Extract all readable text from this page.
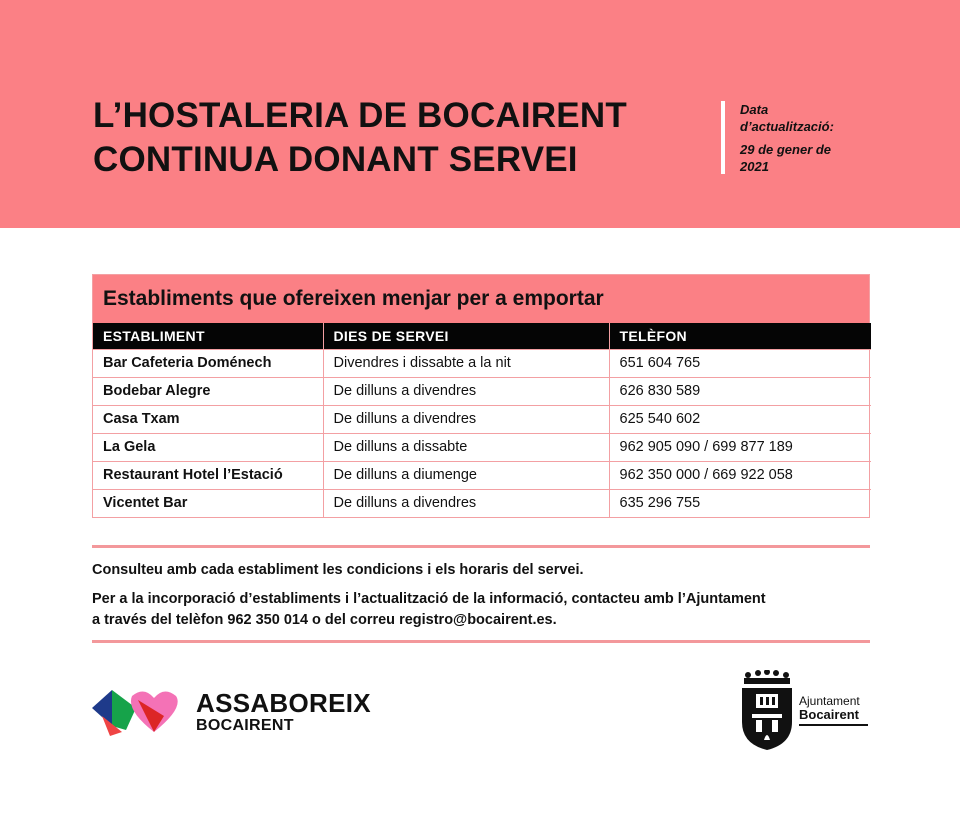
L’HOSTALERIA DE BOCAIRENT
CONTINUA DONANT SERVEI
Data
d’actualització:
29 de gener de
2021
Establiments que ofereixen menjar per a emportar
ESTABLIMENT	DIES DE SERVEI	TELÈFON
Bar Cafeteria Doménech	Divendres i dissabte a la nit	651 604 765
Bodebar Alegre	De dilluns a divendres	626 830 589
Casa Txam	De dilluns a divendres	625 540 602
La Gela	De dilluns a dissabte	962 905 090 / 699 877 189
Restaurant Hotel l’Estació	De dilluns a diumenge	962 350 000 / 669 922 058
Vicentet Bar	De dilluns a divendres	635 296 755
Consulteu amb cada establiment les condicions i els horaris del servei.
Per a la incorporació d’establiments i l’actualització de la informació, contacteu amb l’Ajuntament
a través del telèfon 962 350 014 o del correu registro@bocairent.es.
ASSABOREIX
BOCAIRENT
Ajuntament
Bocairent
